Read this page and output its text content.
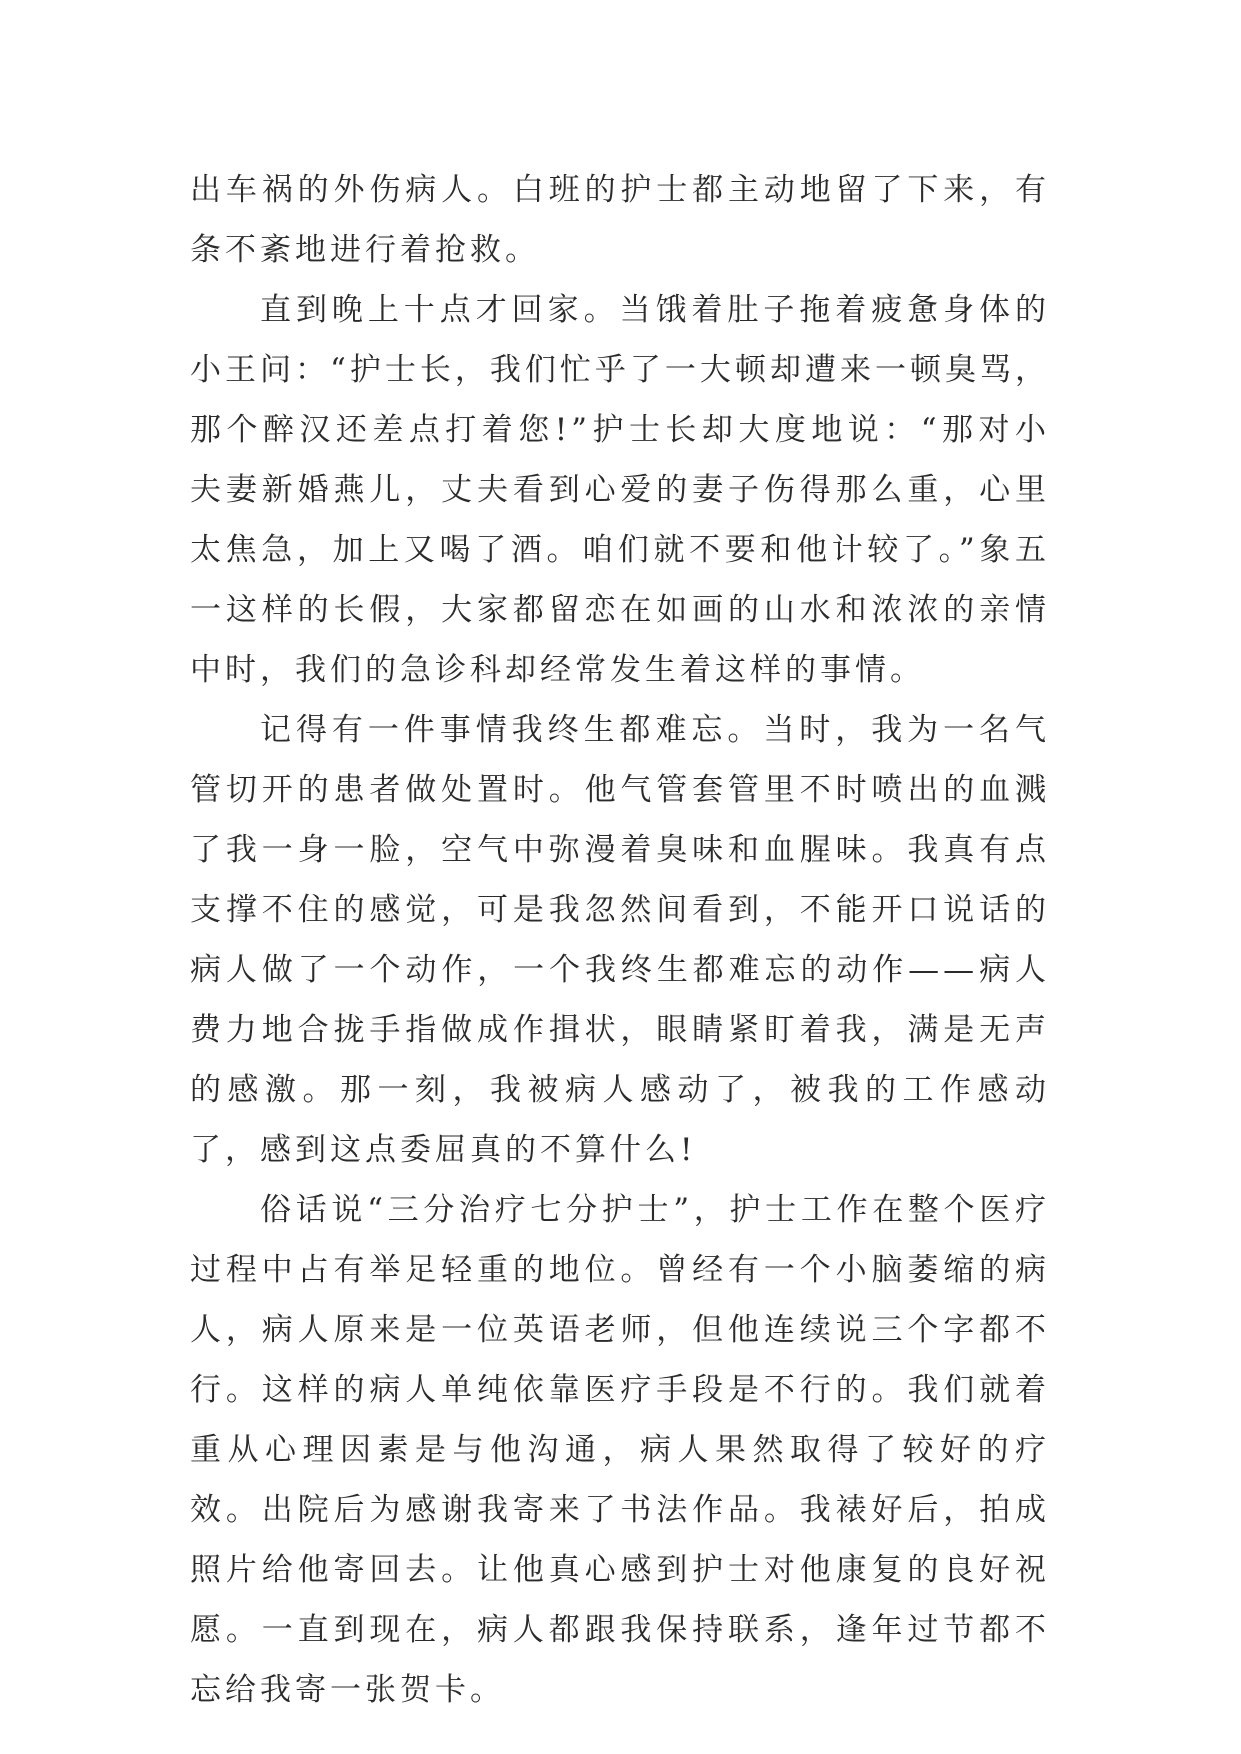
出车祸的外伤病人。白班的护士都主动地留了下来，有条不紊地进行着抢救。

直到晚上十点才回家。当饿着肚子拖着疲惫身体的小王问：“护士长，我们忙乎了一大顿却遭来一顿臭骂，那个醉汉还差点打着您!”护士长却大度地说：“那对小夫妻新婚燕儿，丈夫看到心爱的妻子伤得那么重，心里太焦急，加上又喝了酒。咱们就不要和他计较了。”象五一这样的长假，大家都留恋在如画的山水和浓浓的亲情中时，我们的急诊科却经常发生着这样的事情。

记得有一件事情我终生都难忘。当时，我为一名气管切开的患者做处置时。他气管套管里不时喷出的血溅了我一身一脸，空气中弥漫着臭味和血腥味。我真有点支撑不住的感觉，可是我忽然间看到，不能开口说话的病人做了一个动作，一个我终生都难忘的动作——病人费力地合拢手指做成作揖状，眼睛紧盯着我，满是无声的感激。那一刻，我被病人感动了，被我的工作感动了，感到这点委屈真的不算什么!

俗话说“三分治疗七分护士”，护士工作在整个医疗过程中占有举足轻重的地位。曾经有一个小脑萎缩的病人，病人原来是一位英语老师，但他连续说三个字都不行。这样的病人单纯依靠医疗手段是不行的。我们就着重从心理因素是与他沟通，病人果然取得了较好的疗效。出院后为感谢我寄来了书法作品。我裱好后，拍成照片给他寄回去。让他真心感到护士对他康复的良好祝愿。一直到现在，病人都跟我保持联系，逢年过节都不忘给我寄一张贺卡。
